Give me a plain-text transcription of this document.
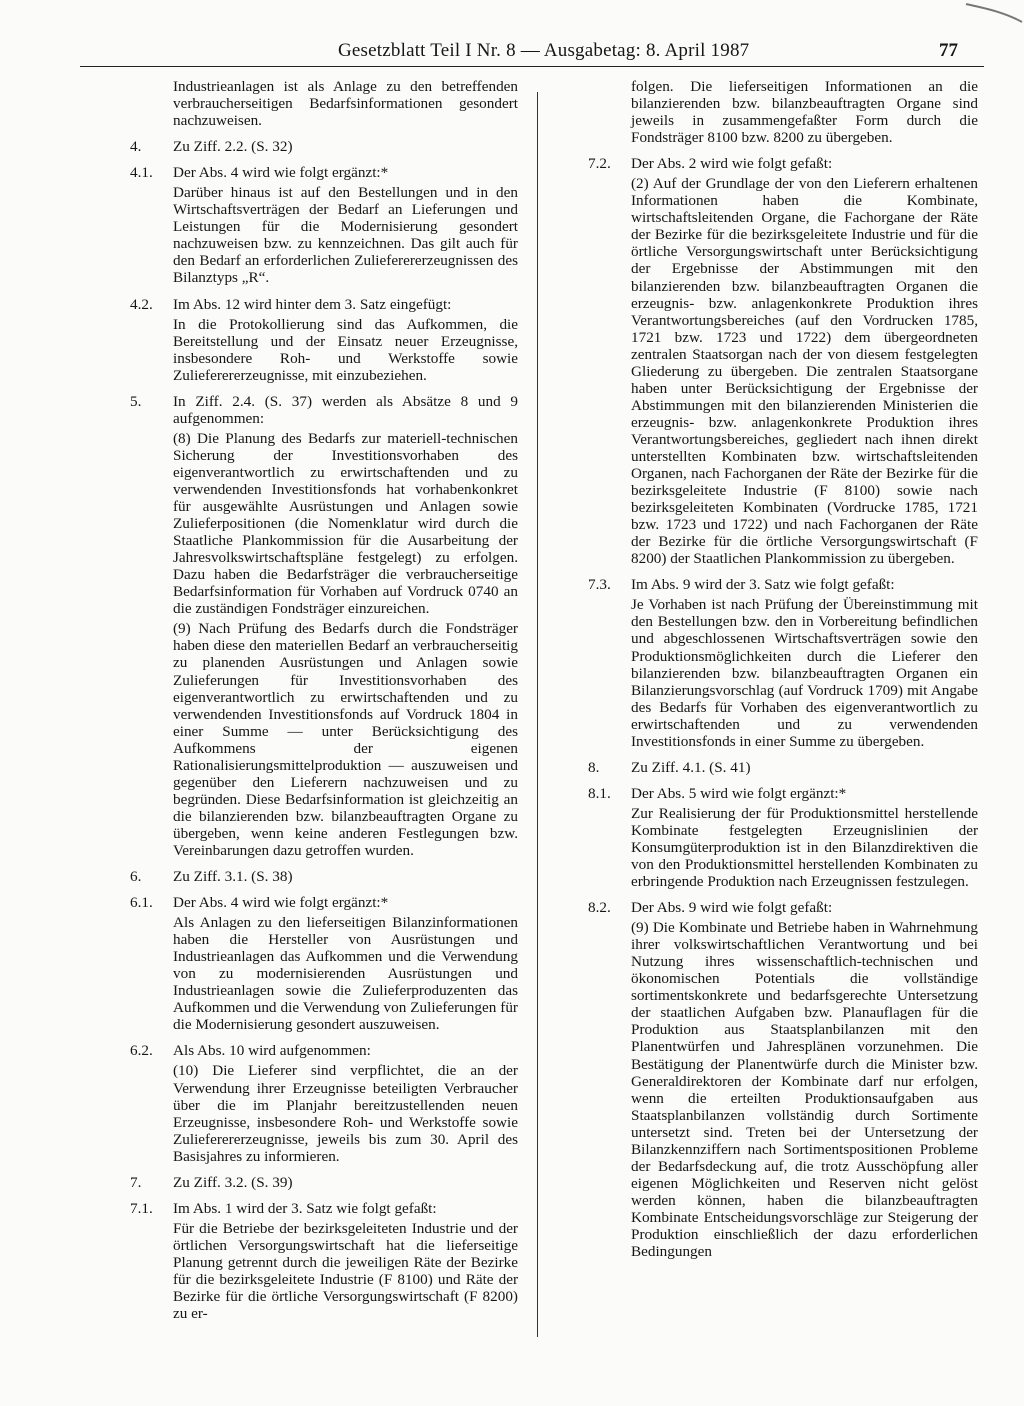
Gesetzblatt Teil I Nr. 8 — Ausgabetag: 8. April 1987	77
Industrieanlagen ist als Anlage zu den betreffenden verbraucherseitigen Bedarfsinformationen gesondert nachzuweisen.
4.	Zu Ziff. 2.2. (S. 32)
4.1.	Der Abs. 4 wird wie folgt ergänzt:*
Darüber hinaus ist auf den Bestellungen und in den Wirtschaftsverträgen der Bedarf an Lieferungen und Leistungen für die Modernisierung gesondert nachzuweisen bzw. zu kennzeichnen. Das gilt auch für den Bedarf an erforderlichen Zulieferererzeugnissen des Bilanztyps „R“.
4.2.	Im Abs. 12 wird hinter dem 3. Satz eingefügt:
In die Protokollierung sind das Aufkommen, die Bereitstellung und der Einsatz neuer Erzeugnisse, insbesondere Roh- und Werkstoffe sowie Zulieferererzeugnisse, mit einzubeziehen.
5.	In Ziff. 2.4. (S. 37) werden als Absätze 8 und 9 aufgenommen:
(8) Die Planung des Bedarfs zur materiell-technischen Sicherung der Investitionsvorhaben des eigenverantwortlich zu erwirtschaftenden und zu verwendenden Investitionsfonds hat vorhabenkonkret für ausgewählte Ausrüstungen und Anlagen sowie Zulieferpositionen (die Nomenklatur wird durch die Staatliche Plankommission für die Ausarbeitung der Jahresvolkswirtschaftspläne festgelegt) zu erfolgen. Dazu haben die Bedarfsträger die verbraucherseitige Bedarfsinformation für Vorhaben auf Vordruck 0740 an die zuständigen Fondsträger einzureichen.
(9) Nach Prüfung des Bedarfs durch die Fondsträger haben diese den materiellen Bedarf an verbraucherseitig zu planenden Ausrüstungen und Anlagen sowie Zulieferungen für Investitionsvorhaben des eigenverantwortlich zu erwirtschaftenden und zu verwendenden Investitionsfonds auf Vordruck 1804 in einer Summe — unter Berücksichtigung des Aufkommens der eigenen Rationalisierungsmittelproduktion — auszuweisen und gegenüber den Lieferern nachzuweisen und zu begründen. Diese Bedarfsinformation ist gleichzeitig an die bilanzierenden bzw. bilanzbeauftragten Organe zu übergeben, wenn keine anderen Festlegungen bzw. Vereinbarungen dazu getroffen wurden.
6.	Zu Ziff. 3.1. (S. 38)
6.1.	Der Abs. 4 wird wie folgt ergänzt:*
Als Anlagen zu den lieferseitigen Bilanzinformationen haben die Hersteller von Ausrüstungen und Industrieanlagen das Aufkommen und die Verwendung von zu modernisierenden Ausrüstungen und Industrieanlagen sowie die Zulieferproduzenten das Aufkommen und die Verwendung von Zulieferungen für die Modernisierung gesondert auszuweisen.
6.2.	Als Abs. 10 wird aufgenommen:
(10) Die Lieferer sind verpflichtet, die an der Verwendung ihrer Erzeugnisse beteiligten Verbraucher über die im Planjahr bereitzustellenden neuen Erzeugnisse, insbesondere Roh- und Werkstoffe sowie Zulieferererzeugnisse, jeweils bis zum 30. April des Basisjahres zu informieren.
7.	Zu Ziff. 3.2. (S. 39)
7.1.	Im Abs. 1 wird der 3. Satz wie folgt gefaßt:
Für die Betriebe der bezirksgeleiteten Industrie und der örtlichen Versorgungswirtschaft hat die lieferseitige Planung getrennt durch die jeweiligen Räte der Bezirke für die bezirksgeleitete Industrie (F 8100) und Räte der Bezirke für die örtliche Versorgungswirtschaft (F 8200) zu er-
folgen. Die lieferseitigen Informationen an die bilanzierenden bzw. bilanzbeauftragten Organe sind jeweils in zusammengefaßter Form durch die Fondsträger 8100 bzw. 8200 zu übergeben.
7.2.	Der Abs. 2 wird wie folgt gefaßt:
(2) Auf der Grundlage der von den Lieferern erhaltenen Informationen haben die Kombinate, wirtschaftsleitenden Organe, die Fachorgane der Räte der Bezirke für die bezirksgeleitete Industrie und für die örtliche Versorgungswirtschaft unter Berücksichtigung der Ergebnisse der Abstimmungen mit den bilanzierenden bzw. bilanzbeauftragten Organen die erzeugnis- bzw. anlagenkonkrete Produktion ihres Verantwortungsbereiches (auf den Vordrucken 1785, 1721 bzw. 1723 und 1722) dem übergeordneten zentralen Staatsorgan nach der von diesem festgelegten Gliederung zu übergeben. Die zentralen Staatsorgane haben unter Berücksichtigung der Ergebnisse der Abstimmungen mit den bilanzierenden Ministerien die erzeugnis- bzw. anlagenkonkrete Produktion ihres Verantwortungsbereiches, gegliedert nach ihnen direkt unterstellten Kombinaten bzw. wirtschaftsleitenden Organen, nach Fachorganen der Räte der Bezirke für die bezirksgeleitete Industrie (F 8100) sowie nach bezirksgeleiteten Kombinaten (Vordrucke 1785, 1721 bzw. 1723 und 1722) und nach Fachorganen der Räte der Bezirke für die örtliche Versorgungswirtschaft (F 8200) der Staatlichen Plankommission zu übergeben.
7.3.	Im Abs. 9 wird der 3. Satz wie folgt gefaßt:
Je Vorhaben ist nach Prüfung der Übereinstimmung mit den Bestellungen bzw. den in Vorbereitung befindlichen und abgeschlossenen Wirtschaftsverträgen sowie den Produktionsmöglichkeiten durch die Lieferer den bilanzierenden bzw. bilanzbeauftragten Organen ein Bilanzierungsvorschlag (auf Vordruck 1709) mit Angabe des Bedarfs für Vorhaben des eigenverantwortlich zu erwirtschaftenden und zu verwendenden Investitionsfonds in einer Summe zu übergeben.
8.	Zu Ziff. 4.1. (S. 41)
8.1.	Der Abs. 5 wird wie folgt ergänzt:*
Zur Realisierung der für Produktionsmittel herstellende Kombinate festgelegten Erzeugnislinien der Konsumgüterproduktion ist in den Bilanzdirektiven die von den Produktionsmittel herstellenden Kombinaten zu erbringende Produktion nach Erzeugnissen festzulegen.
8.2.	Der Abs. 9 wird wie folgt gefaßt:
(9) Die Kombinate und Betriebe haben in Wahrnehmung ihrer volkswirtschaftlichen Verantwortung und bei Nutzung ihres wissenschaftlich-technischen und ökonomischen Potentials die vollständige sortimentskonkrete und bedarfsgerechte Untersetzung der staatlichen Aufgaben bzw. Planauflagen für die Produktion aus Staatsplanbilanzen mit den Planentwürfen und Jahresplänen vorzunehmen. Die Bestätigung der Planentwürfe durch die Minister bzw. Generaldirektoren der Kombinate darf nur erfolgen, wenn die erteilten Produktionsaufgaben aus Staatsplanbilanzen vollständig durch Sortimente untersetzt sind. Treten bei der Untersetzung der Bilanzkennziffern nach Sortimentspositionen Probleme der Bedarfsdeckung auf, die trotz Ausschöpfung aller eigenen Möglichkeiten und Reserven nicht gelöst werden können, haben die bilanzbeauftragten Kombinate Entscheidungsvorschläge zur Steigerung der Produktion einschließlich der dazu erforderlichen Bedingungen
